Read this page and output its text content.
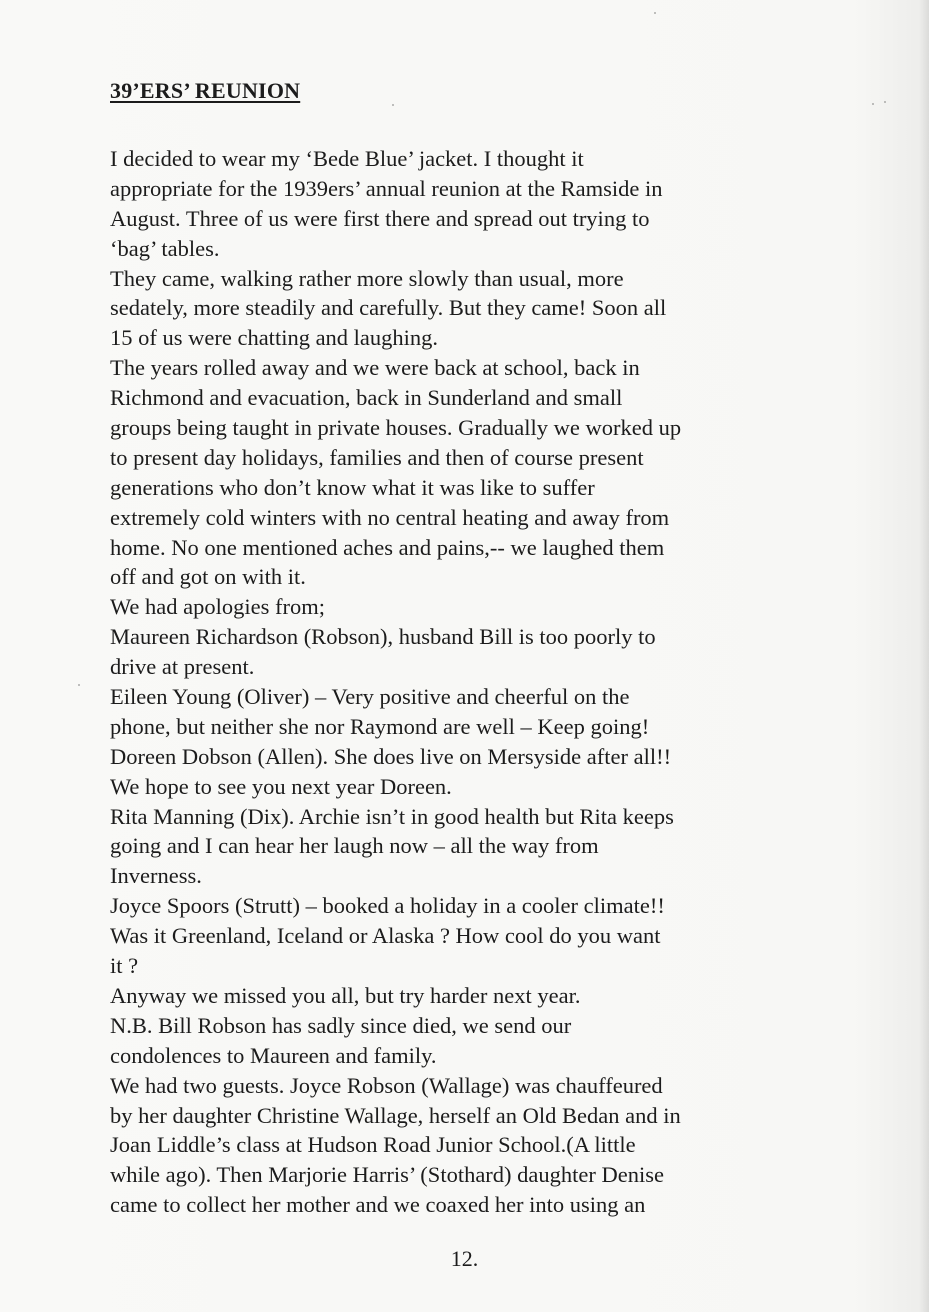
39’ERS’ REUNION
I decided to wear my ‘Bede Blue’ jacket. I thought it
appropriate for the 1939ers’ annual reunion at the Ramside in
August. Three of us were first there and spread out trying to
‘bag’ tables.
They came, walking rather more slowly than usual, more
sedately, more steadily and carefully. But they came! Soon all
15 of us were chatting and laughing.
The years rolled away and we were back at school, back in
Richmond and evacuation, back in Sunderland and small
groups being taught in private houses. Gradually we worked up
to present day holidays, families and then of course present
generations who don’t know what it was like to suffer
extremely cold winters with no central heating and away from
home. No one mentioned aches and pains,-- we laughed them
off and got on with it.
We had apologies from;
Maureen Richardson (Robson), husband Bill is too poorly to
drive at present.
Eileen Young (Oliver) – Very positive and cheerful on the
phone, but neither she nor Raymond are well – Keep going!
Doreen Dobson (Allen). She does live on Mersyside after all!!
We hope to see you next year Doreen.
Rita Manning (Dix). Archie isn’t in good health but Rita keeps
going and I can hear her laugh now – all the way from
Inverness.
Joyce Spoors (Strutt) – booked a holiday in a cooler climate!!
Was it Greenland, Iceland or Alaska ? How cool do you want
it ?
Anyway we missed you all, but try harder next year.
N.B. Bill Robson has sadly since died, we send our
condolences to Maureen and family.
We had two guests. Joyce Robson (Wallage) was chauffeured
by her daughter Christine Wallage, herself an Old Bedan and in
Joan Liddle’s class at Hudson Road Junior School.(A little
while ago). Then Marjorie Harris’ (Stothard) daughter Denise
came to collect her mother and we coaxed her into using an
12.
